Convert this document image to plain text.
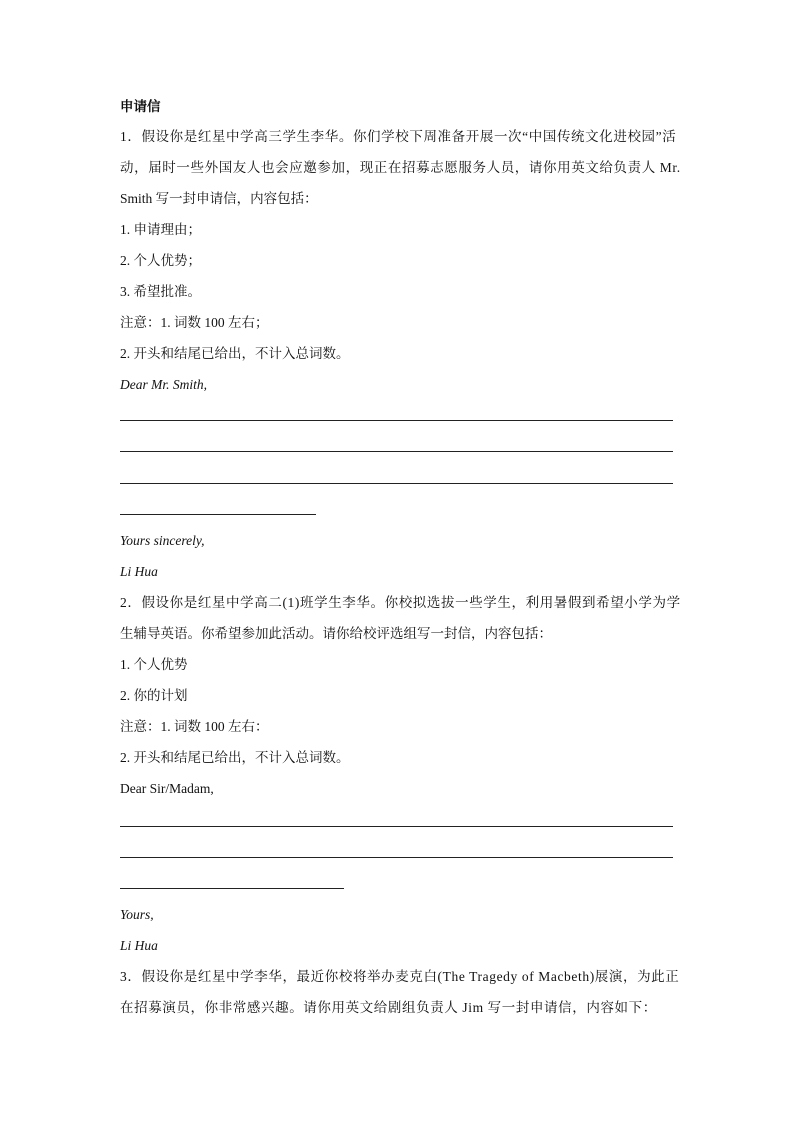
申请信
1．假设你是红星中学高三学生李华。你们学校下周准备开展一次“中国传统文化进校园”活
动，届时一些外国友人也会应邀参加，现正在招募志愿服务人员，请你用英文给负责人 Mr.
Smith 写一封申请信，内容包括：
1. 申请理由；
2. 个人优势；
3. 希望批准。
注意：1. 词数 100 左右；
2. 开头和结尾已给出，不计入总词数。
Dear Mr. Smith,
Yours sincerely,
Li Hua
2．假设你是红星中学高二(1)班学生李华。你校拟选拔一些学生，利用暑假到希望小学为学
生辅导英语。你希望参加此活动。请你给校评选组写一封信，内容包括：
1. 个人优势
2. 你的计划
注意：1. 词数 100 左右：
2. 开头和结尾已给出，不计入总词数。
Dear Sir/Madam,
Yours,
Li Hua
3．假设你是红星中学李华，最近你校将举办麦克白(The Tragedy of Macbeth)展演，为此正
在招募演员，你非常感兴趣。请你用英文给剧组负责人 Jim 写一封申请信，内容如下：
